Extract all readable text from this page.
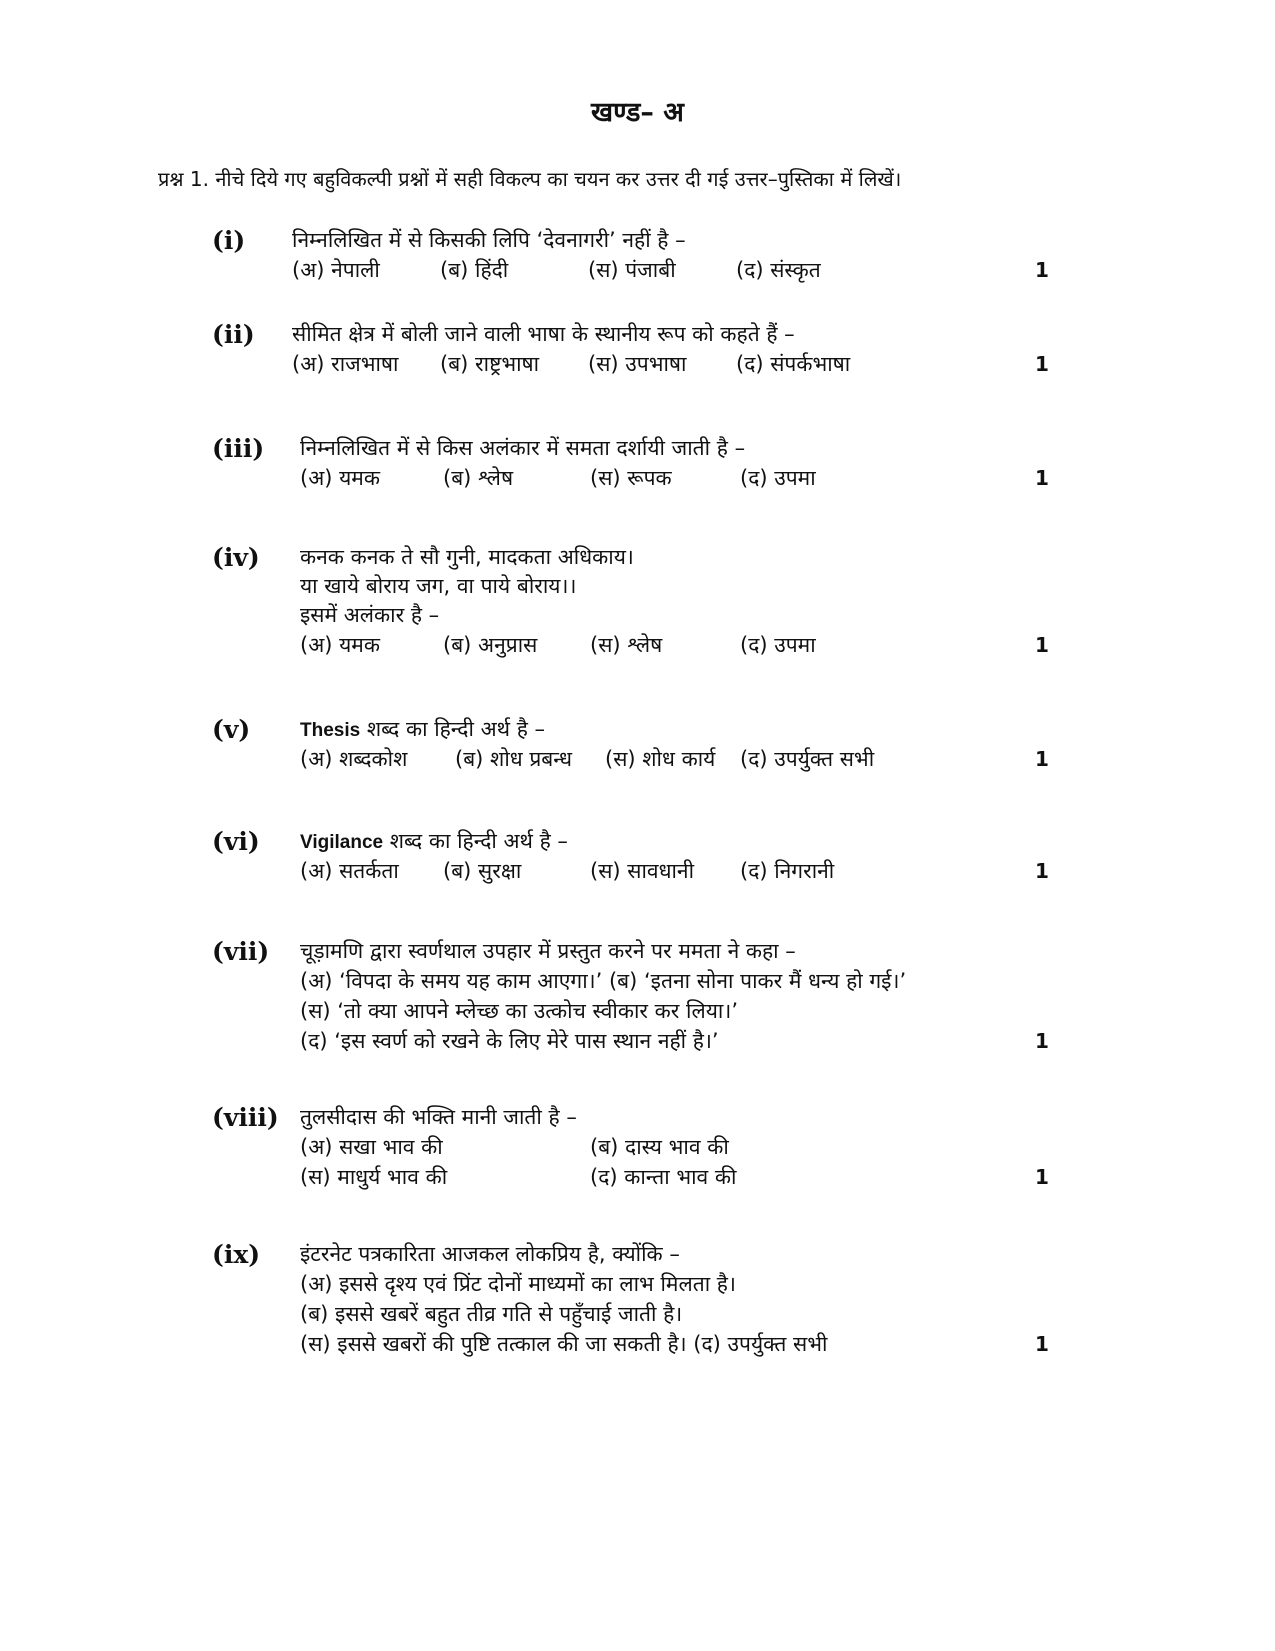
खण्ड– अ
प्रश्न 1. नीचे दिये गए बहुविकल्पी प्रश्नों में सही विकल्प का चयन कर उत्तर दी गई उत्तर–पुस्तिका में लिखें।
(i) निम्नलिखित में से किसकी लिपि ‘देवनागरी’ नहीं है –
(अ) नेपाली	(ब) हिंदी	(स) पंजाबी	(द) संस्कृत	1
(ii) सीमित क्षेत्र में बोली जाने वाली भाषा के स्थानीय रूप को कहते हैं –
(अ) राजभाषा (ब) राष्ट्रभाषा (स) उपभाषा (द) संपर्कभाषा	1
(iii) निम्नलिखित में से किस अलंकार में समता दर्शायी जाती है –
(अ) यमक	(ब) श्लेष	(स) रूपक	(द) उपमा	1
(iv) कनक कनक ते सौ गुनी, मादकता अधिकाय।
या खाये बोराय जग, वा पाये बोराय।।
इसमें अलंकार है –
(अ) यमक	(ब) अनुप्रास	(स) श्लेष	(द) उपमा	1
(v)	Thesis शब्द का हिन्दी अर्थ है –
(अ) शब्दकोश (ब) शोध प्रबन्ध (स) शोध कार्य (द) उपर्युक्त सभी	1
(vi) Vigilance शब्द का हिन्दी अर्थ है –
(अ) सतर्कता (ब) सुरक्षा	(स) सावधानी (द) निगरानी	1
(vii) चूड़ामणि द्वारा स्वर्णथाल उपहार में प्रस्तुत करने पर ममता ने कहा –
(अ) ‘विपदा के समय यह काम आएगा।’ (ब) ‘इतना सोना पाकर मैं धन्य हो गई।’
(स) ‘तो क्या आपने म्लेच्छ का उत्कोच स्वीकार कर लिया।’
(द) ‘इस स्वर्ण को रखने के लिए मेरे पास स्थान नहीं है।’	1
(viii) तुलसीदास की भक्ति मानी जाती है –
(अ) सखा भाव की	(ब) दास्य भाव की
(स) माधुर्य भाव की	(द) कान्ता भाव की	1
(ix) इंटरनेट पत्रकारिता आजकल लोकप्रिय है, क्योंकि –
(अ) इससे दृश्य एवं प्रिंट दोनों माध्यमों का लाभ मिलता है।
(ब) इससे खबरें बहुत तीव्र गति से पहुँचाई जाती है।
(स) इससे खबरों की पुष्टि तत्काल की जा सकती है। (द) उपर्युक्त सभी	1
